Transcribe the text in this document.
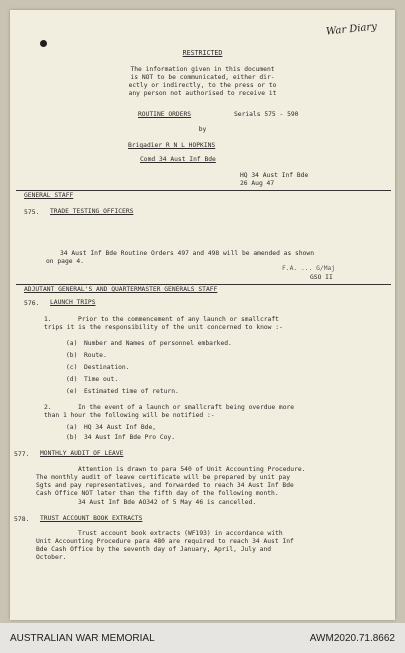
War Diary
RESTRICTED
The information given in this document
is NOT to be communicated, either dir-
ectly or indirectly, to the press or to
any person not authorised to receive it
ROUTINE ORDERS	Serials 575 - 590
by
Brigadier R N L HOPKINS
Comd 34 Aust Inf Bde
HQ 34 Aust Inf Bde
26 Aug 47
GENERAL STAFF
575. TRADE TESTING OFFICERS
34 Aust Inf Bde Routine Orders 497 and 498 will be amended as shown
on page 4.
F.A. ... G/Maj
GSO II
ADJUTANT GENERAL'S AND QUARTERMASTER GENERALS STAFF
576. LAUNCH TRIPS
1.	Prior to the commencement of any launch or smallcraft
trips it is the responsibility of the unit concerned to know :-
(a) Number and Names of personnel embarked.
(b) Route.
(c) Destination.
(d) Time out.
(e) Estimated time of return.
2.	In the event of a launch or smallcraft being overdue more
than 1 hour the following will be notified :-
(a) HQ 34 Aust Inf Bde,
(b) 34 Aust Inf Bde Pro Coy.
577. MONTHLY AUDIT OF LEAVE
Attention is drawn to para 540 of Unit Accounting Procedure.
The monthly audit of leave certificate will be prepared by unit pay
Sgts and pay representatives, and forwarded to reach 34 Aust Inf Bde
Cash Office NOT later than the fifth day of the following month.
34 Aust Inf Bde AO342 of 5 May 46 is cancelled.
578. TRUST ACCOUNT BOOK EXTRACTS
Trust account book extracts (WF193) in accordance with
Unit Accounting Procedure para 480 are required to reach 34 Aust Inf
Bde Cash Office by the seventh day of January, April, July and
October.
AUSTRALIAN WAR MEMORIAL	AWM2020.71.8662
